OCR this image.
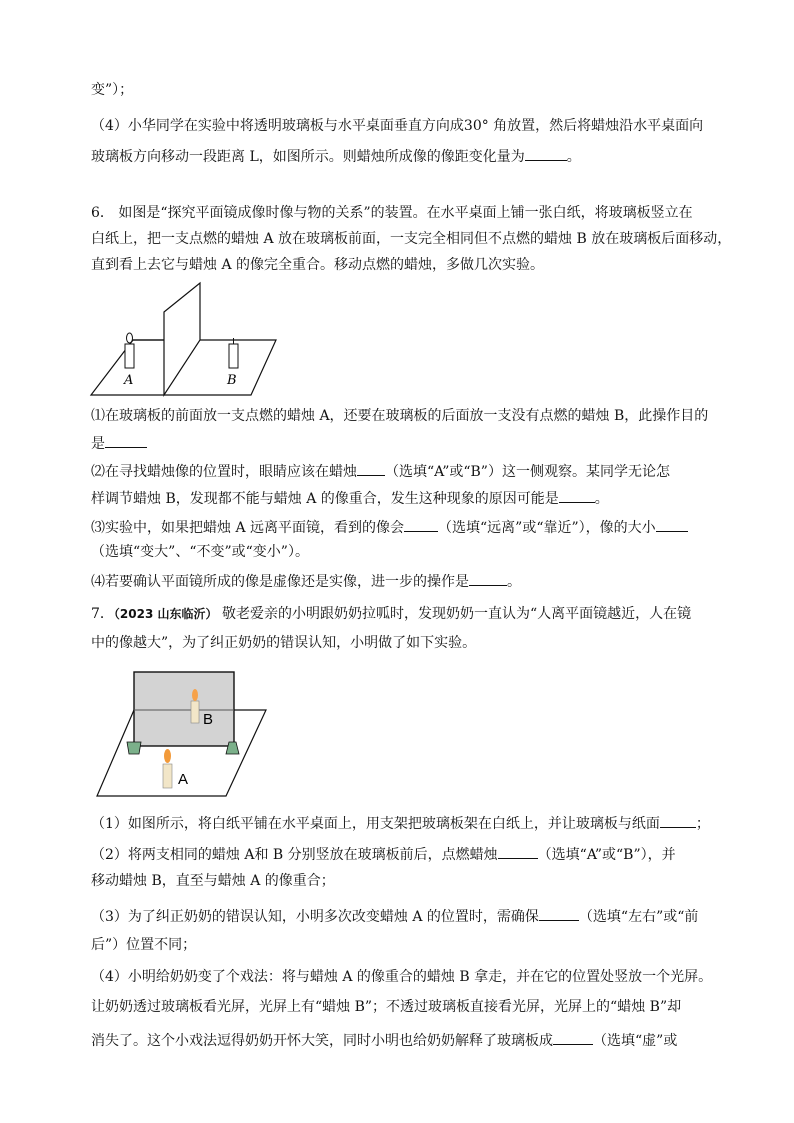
变”）；
（4）小华同学在实验中将透明玻璃板与水平桌面垂直方向成30° 角放置，然后将蜡烛沿水平桌面向
玻璃板方向移动一段距离 L，如图所示。则蜡烛所成像的像距变化量为	。
6． 如图是“探究平面镜成像时像与物的关系”的装置。在水平桌面上铺一张白纸，将玻璃板竖立在
白纸上，把一支点燃的蜡烛 A 放在玻璃板前面，一支完全相同但不点燃的蜡烛 B 放在玻璃板后面移动，
直到看上去它与蜡烛 A 的像完全重合。移动点燃的蜡烛，多做几次实验。
A	B
⑴在玻璃板的前面放一支点燃的蜡烛 A，还要在玻璃板的后面放一支没有点燃的蜡烛 B，此操作目的
是
⑵在寻找蜡烛像的位置时，眼睛应该在蜡烛 （选填“A”或“B”）这一侧观察。某同学无论怎
样调节蜡烛 B，发现都不能与蜡烛 A 的像重合，发生这种现象的原因可能是	。
⑶实验中，如果把蜡烛 A 远离平面镜，看到的像会 （选填“远离”或“靠近”），像的大小
（选填“变大”、“不变”或“变小”）。
⑷若要确认平面镜所成的像是虚像还是实像，进一步的操作是	。
7．（2023 山东临沂） 敬老爱亲的小明跟奶奶拉呱时，发现奶奶一直认为“人离平面镜越近，人在镜
中的像越大”，为了纠正奶奶的错误认知，小明做了如下实验。
B
A
（1）如图所示，将白纸平铺在水平桌面上，用支架把玻璃板架在白纸上，并让玻璃板与纸面	；
（2）将两支相同的蜡烛 A和 B 分别竖放在玻璃板前后，点燃蜡烛	（选填“A”或“B”），并
移动蜡烛 B，直至与蜡烛 A 的像重合；
（3）为了纠正奶奶的错误认知，小明多次改变蜡烛 A 的位置时，需确保	（选填“左右”或“前
后”）位置不同；
（4）小明给奶奶变了个戏法：将与蜡烛 A 的像重合的蜡烛 B 拿走，并在它的位置处竖放一个光屏。
让奶奶透过玻璃板看光屏，光屏上有“蜡烛 B”；不透过玻璃板直接看光屏，光屏上的“蜡烛 B”却
消失了。这个小戏法逗得奶奶开怀大笑，同时小明也给奶奶解释了玻璃板成	（选填“虚”或
